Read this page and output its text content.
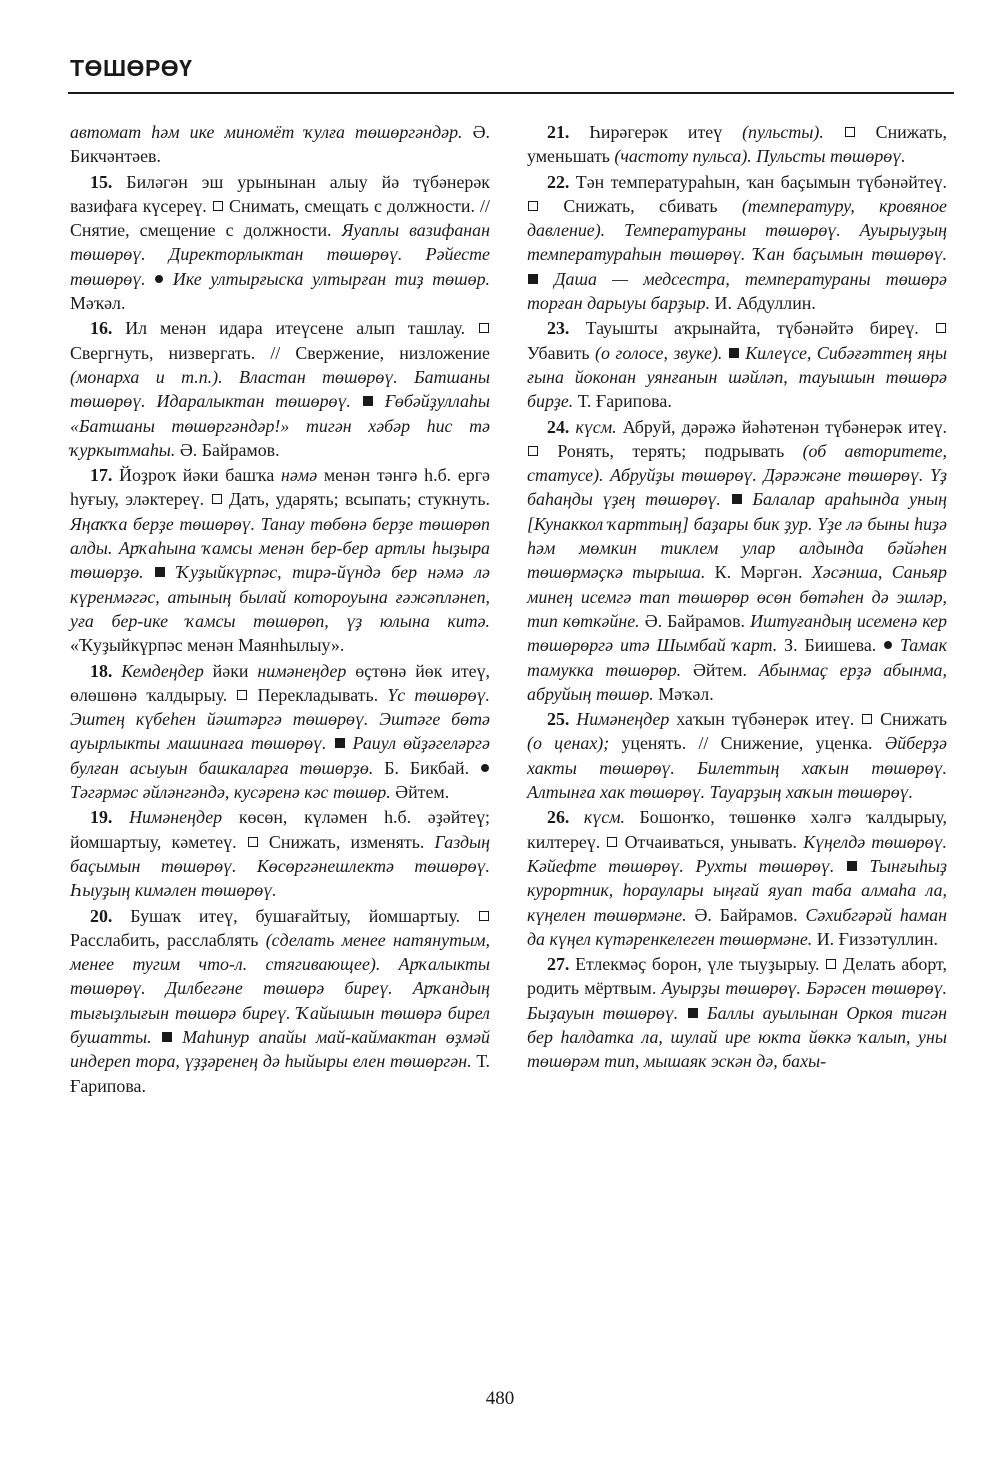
ТӨШӨРӨҮ

автомат һәм ике миномёт ҡулға төшөргәндәр. Ә. Бикчәнтәев.

15. Биләгән эш урынынан алыу йә түбәнерәк вазифаға күсереү.  Снимать, смещать с должности. // Снятие, смещение с должности. Яуаплы вазифанан төшөрөү. Директорлыктан төшөрөү. Рәйесте төшөрөү. Ике ултырғыска ултырған тиҙ төшөр. Мәҡәл.

16. Ил менән идара итеүсене алып ташлау.  Свергнуть, низвергать. // Свержение, низложение (монарха и т.п.). Властан төшөрөү. Батшаны төшөрөү. Идаралыктан төшөрөү. Ғөбәйҙуллаһы «Батшаны төшөргәндәр!» тигән хәбәр һис тә ҡуркытмаһы. Ә. Байрамов.

17. Йоҙроҡ йәки башҡа нәмә менән тәнгә һ.б. ергә һуғыу, эләктереү.  Дать, ударять; всыпать; стукнуть. Яңаҡҡа берҙе төшөрөү. Танау төбөнә берҙе төшөрөп алды. Арҡаһына ҡамсы менән бер-бер артлы һыҙыра төшөрҙө. Ҡуҙыйкүрпәс, тирә-йүндә бер нәмә лә күренмәгәс, атының былай котороуына ғәжәпләнеп, уға бер-ике ҡамсы төшөрөп, үҙ юлына китә. «Ҡуҙыйкүрпәс менән Маянһылыу».

18. Кемдеңдер йәки нимәнеңдер өҫтөнә йөк итеү, өлөшөнә ҡалдырыу.  Перекладывать. Үс төшөрөү. Эштең күбеһен йәштәргә төшөрөү. Эштәге бөтә ауырлыкты машинаға төшөрөү. Раиул өйҙәгеләргә булған асыуын башкаларға төшөрҙө. Б. Бикбай.  Тәгәрмәс әйләнгәндә, кусәренә кәс төшөр. Әйтем.

19. Нимәнеңдер көсөн, күләмен һ.б. әҙәйтеү; йомшартыу, кәметеү.  Снижать, изменять. Газдың баҫымын төшөрөү. Көсөргәнешлектә төшөрөү. Һыуҙың кимәлен төшөрөү.

20. Бушаҡ итеү, бушағайтыу, йомшартыу.  Расслабить, расслаблять (сделать менее натянутым, менее тугим что-л. стягивающее). Арҡалыкты төшөрөү. Дилбегәне төшөрә биреү. Арҡандың тығыҙлығын төшөрә биреү. Ҡайышын төшөрә бирел бушатты. Маһинур апайы май-каймактан өҙмәй индереп тора, үҙҙәренең дә һыйыры елен төшөргән. Т. Ғарипова.

21. Һирәгерәк итеү (пульсты).  Снижать, уменьшать (частоту пульса). Пульсты төшөрөү.

22. Тән температураһын, ҡан баҫымын түбәнәйтеү.  Снижать, сбивать (температуру, кровяное давление). Температураны төшөрөү. Ауырыуҙың температураһын төшөрөү. Ҡан баҫымын төшөрөү.  Даша — медсестра, температураны төшөрә торған дарыуы барҙыр. И. Абдуллин.

23. Тауышты аҡрынайта, түбәнәйтә биреү.  Убавить (о голосе, звуке). Килеүсе, Сибәғәттең яңы ғына йоконан уянғанын шәйләп, тауышын төшөрә бирҙе. Т. Ғарипова.

24. күсм. Абруй, дәрәжә йәһәтенән түбәнерәк итеү.  Ронять, терять; подрывать (об авторитете, статусе). Абруйҙы төшөрөү. Дәрәжәне төшөрөү. Үҙ баһаңды үҙең төшөрөү. Балалар араһында уның [Кунаккол ҡарттың] баҙары бик ҙур. Үҙе лә быны һиҙә һәм мөмкин тиклем улар алдында бәйәһен төшөрмәҫкә тырыша. К. Мәргән. Хәсәнша, Саньяр минең исемгә тап төшөрөр өсөн бөтәһен дә эшләр, тип көткәйне. Ә. Байрамов. Иштуғандың исеменә кер төшөрөргә итә Шымбай ҡарт. З. Биишева.  Тамак тамукка төшөрөр. Әйтем. Абынмаҫ ерҙә абынма, абруйың төшөр. Мәҡәл.

25. Нимәнеңдер хаҡын түбәнерәк итеү.  Снижать (о ценах); уценять. // Снижение, уценка. Әйберҙә хакты төшөрөү. Билеттың хаҡын төшөрөү. Алтынға хак төшөрөү. Тауарҙың хаҡын төшөрөү.

26. күсм. Бошонҡо, төшөнкө хәлгә ҡалдырыу, килтереү.  Отчаиваться, унывать. Күңелдә төшөрөү. Кәйефте төшөрөү. Рухты төшөрөү. Тынғыһыҙ курортник, һораулары ыңғай яуап таба алмаһа ла, күңелен төшөрмәне. Ә. Байрамов. Сәхибгәрәй һаман да күңел күтәренкелеген төшөрмәне. И. Ғиззәтуллин.

27. Етлекмәҫ борон, үле тыуҙырыу.  Делать аборт, родить мёртвым. Ауырҙы төшөрөү. Бәрәсен төшөрөү. Быҙауын төшөрөү. Баллы ауылынан Оркоя тигән бер һалдатка ла, шулай ире юкта йөккә ҡалып, уны төшөрәм тип, мышаяк эскән дә, бахы-

480
